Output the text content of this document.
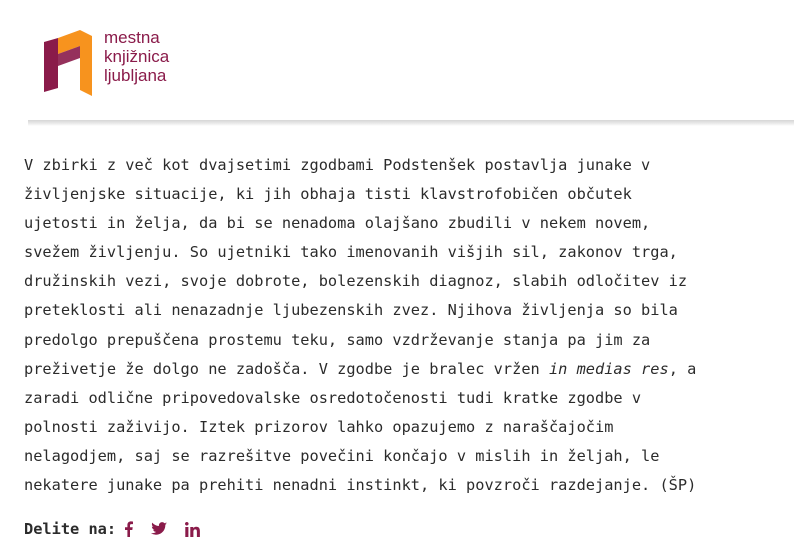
mestna
knjižnica
ljubljana

V zbirki z več kot dvajsetimi zgodbami Podstenšek postavlja junake v

življenjske situacije, ki jih obhaja tisti klavstrofobičen občutek

ujetosti in želja, da bi se nenadoma olajšano zbudili v nekem novem,

svežem življenju. So ujetniki tako imenovanih višjih sil, zakonov trga,

družinskih vezi, svoje dobrote, bolezenskih diagnoz, slabih odločitev iz

preteklosti ali nenazadnje ljubezenskih zvez. Njihova življenja so bila

predolgo prepuščena prostemu teku, samo vzdrževanje stanja pa jim za

preživetje že dolgo ne zadošča. V zgodbe je bralec vržen in medias res, a

zaradi odlične pripovedovalske osredotočenosti tudi kratke zgodbe v

polnosti zaživijo. Iztek prizorov lahko opazujemo z naraščajočim

nelagodjem, saj se razrešitve povečini končajo v mislih in željah, le

nekatere junake pa prehiti nenadni instinkt, ki povzroči razdejanje. (ŠP)

Delite na:
